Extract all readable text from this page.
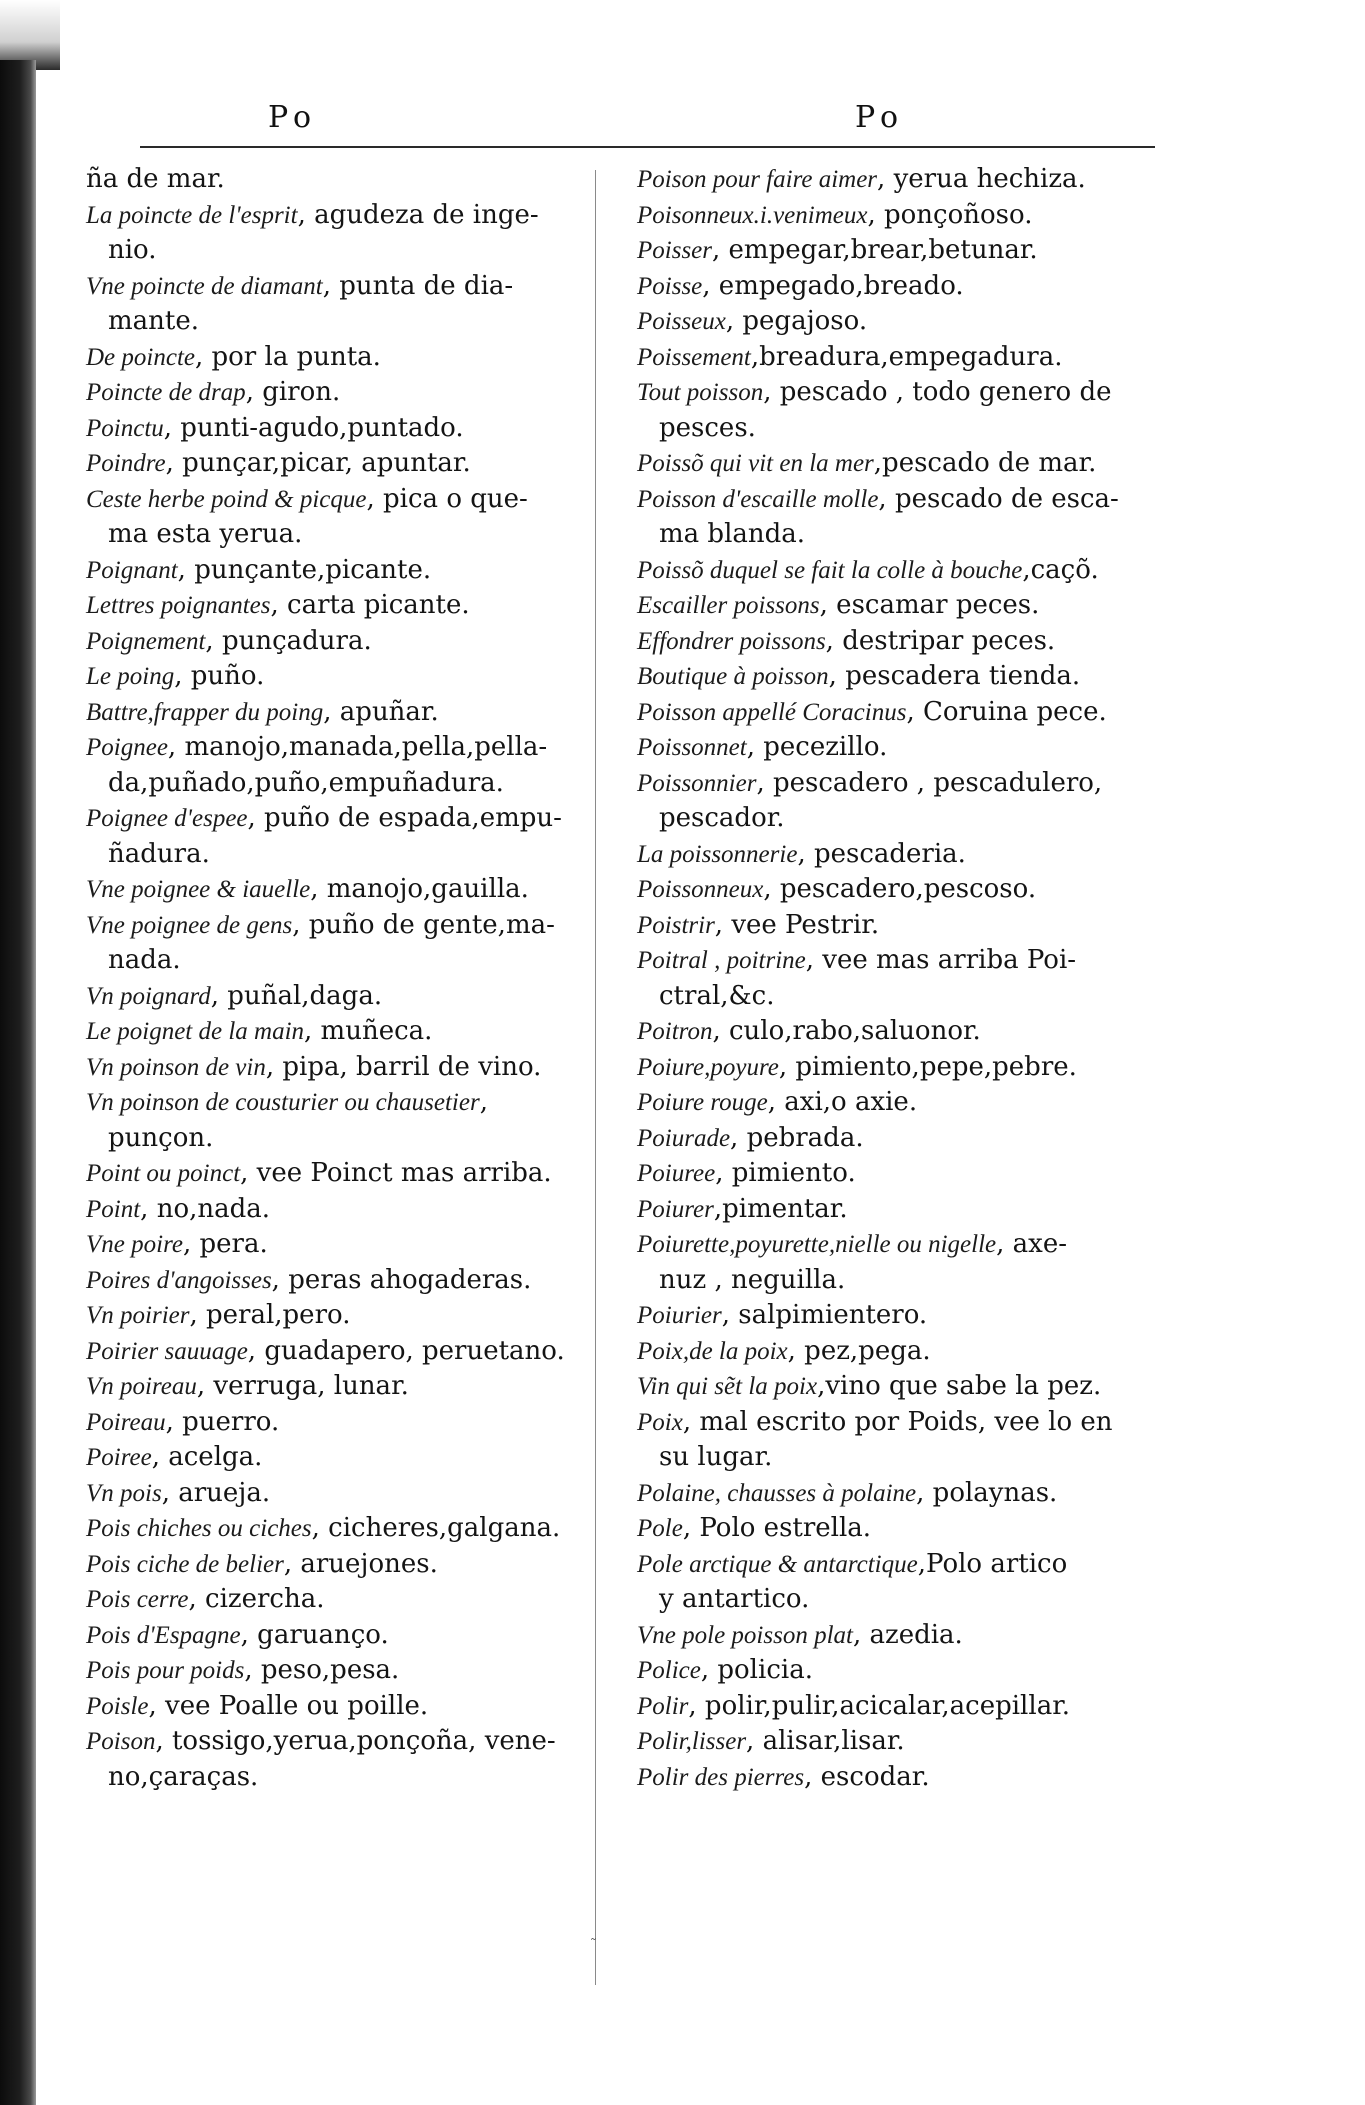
Po	Po
ña de mar.
La poincte de l'esprit, agudeza de inge-
nio.
Vne poincte de diamant, punta de dia-
mante.
De poincte, por la punta.
Poincte de drap, giron.
Poinctu, punti-agudo,puntado.
Poindre, punçar,picar, apuntar.
Ceste herbe poind & picque, pica o que-
ma esta yerua.
Poignant, punçante,picante.
Lettres poignantes, carta picante.
Poignement, punçadura.
Le poing, puño.
Battre,frapper du poing, apuñar.
Poignee, manojo,manada,pella,pella-
da,puñado,puño,empuñadura.
Poignee d'espee, puño de espada,empu-
ñadura.
Vne poignee & iauelle, manojo,gauilla.
Vne poignee de gens, puño de gente,ma-
nada.
Vn poignard, puñal,daga.
Le poignet de la main, muñeca.
Vn poinson de vin, pipa, barril de vino.
Vn poinson de cousturier ou chausetier,
punçon.
Point ou poinct, vee Poinct mas arriba.
Point, no,nada.
Vne poire, pera.
Poires d'angoisses, peras ahogaderas.
Vn poirier, peral,pero.
Poirier sauuage, guadapero, peruetano.
Vn poireau, verruga, lunar.
Poireau, puerro.
Poiree, acelga.
Vn pois, arueja.
Pois chiches ou ciches, cicheres,galgana.
Pois ciche de belier, aruejones.
Pois cerre, cizercha.
Pois d'Espagne, garuanço.
Pois pour poids, peso,pesa.
Poisle, vee Poalle ou poille.
Poison, tossigo,yerua,ponçoña, vene-
no,çaraças.
Poison pour faire aimer, yerua hechiza.
Poisonneux.i.venimeux, ponçoñoso.
Poisser, empegar,brear,betunar.
Poisse, empegado,breado.
Poisseux, pegajoso.
Poissement,breadura,empegadura.
Tout poisson, pescado , todo genero de
pesces.
Poissõ qui vit en la mer,pescado de mar.
Poisson d'escaille molle, pescado de esca-
ma blanda.
Poissõ duquel se fait la colle à bouche,caçõ.
Escailler poissons, escamar peces.
Effondrer poissons, destripar peces.
Boutique à poisson, pescadera tienda.
Poisson appellé Coracinus, Coruina pece.
Poissonnet, pecezillo.
Poissonnier, pescadero , pescadulero,
pescador.
La poissonnerie, pescaderia.
Poissonneux, pescadero,pescoso.
Poistrir, vee Pestrir.
Poitral , poitrine, vee mas arriba Poi-
ctral,&c.
Poitron, culo,rabo,saluonor.
Poiure,poyure, pimiento,pepe,pebre.
Poiure rouge, axi,o axie.
Poiurade, pebrada.
Poiuree, pimiento.
Poiurer,pimentar.
Poiurette,poyurette,nielle ou nigelle, axe-
nuz , neguilla.
Poiurier, salpimientero.
Poix,de la poix, pez,pega.
Vin qui sẽt la poix,vino que sabe la pez.
Poix, mal escrito por Poids, vee lo en
su lugar.
Polaine, chausses à polaine, polaynas.
Pole, Polo estrella.
Pole arctique & antarctique,Polo artico
y antartico.
Vne pole poisson plat, azedia.
Police, policia.
Polir, polir,pulir,acicalar,acepillar.
Polir,lisser, alisar,lisar.
Polir des pierres, escodar.
˜
